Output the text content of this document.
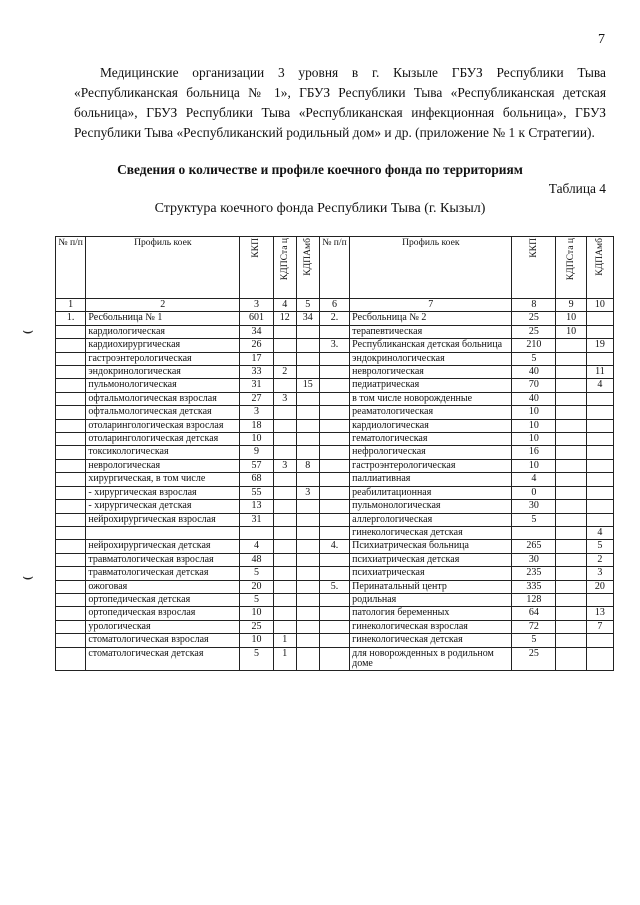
7
Медицинские организации 3 уровня в г. Кызыле ГБУЗ Республики Тыва «Республиканская больница № 1», ГБУЗ Республики Тыва «Республиканская детская больница», ГБУЗ Республики Тыва «Республиканская инфекционная больница», ГБУЗ Республики Тыва «Республиканский родильный дом» и др. (приложение № 1 к Стратегии).
Сведения о количестве и профиле коечного фонда по территориям
Таблица 4
Структура коечного фонда Республики Тыва (г. Кызыл)
⌣
⌣
№ п/п	Профиль коек	ККП	КДПСта ц	КДПАмб	№ п/п	Профиль коек	ККП	КДПСта ц	КДПАмб

1	2	3	4	5	6	7	8	9	10
1.	Рес6ольница № 1	601	12	34	2.	Ресбольница № 2	25	10	
	кардиологическая	34				терапевтическая	25	10	
	кардиохирургическая	26			3.	Республиканская детская больница	210		19
	гастроэнтерологическая	17				эндокринологическая	5		
	эндокринологическая	33	2			неврологическая	40		11
	пульмонологическая	31		15		педиатрическая	70		4
	офтальмологическая взрослая	27	3			в том числе новорожденные	40		
	офтальмологическая детская	3				реаматологическая	10		
	отоларингологическая взрослая	18				кардиологическая	10		
	отоларингологическая детская	10				гематологическая	10		
	токсикологическая	9				нефрологическая	16		
	неврологическая	57	3	8		гастроэнтерологическая	10		
	хирургическая, в том числе	68				паллиативная	4		
	- хирургическая взрослая	55		3		реабилитационная	0		
	- хирургическая детская	13				пульмонологическая	30		
	нейрохирургическая взрослая	31				аллергологическая	5		
						гинекологическая детская			4
	нейрохирургическая детская	4			4.	Психиатрическая больница	265		5
	травматологическая взрослая	48				психиатрическая детская	30		2
	травматологическая детская	5				психиатрическая	235		3
	ожоговая	20			5.	Перинатальный центр	335		20
	ортопедическая детская	5				родильная	128		
	ортопедическая взрослая	10				патология беременных	64		13
	урологическая	25				гинекологическая взрослая	72		7
	стоматологическая взрослая	10	1			гинекологическая детская	5		
	стоматологическая детская	5	1			для новорожденных в родильном доме	25		
